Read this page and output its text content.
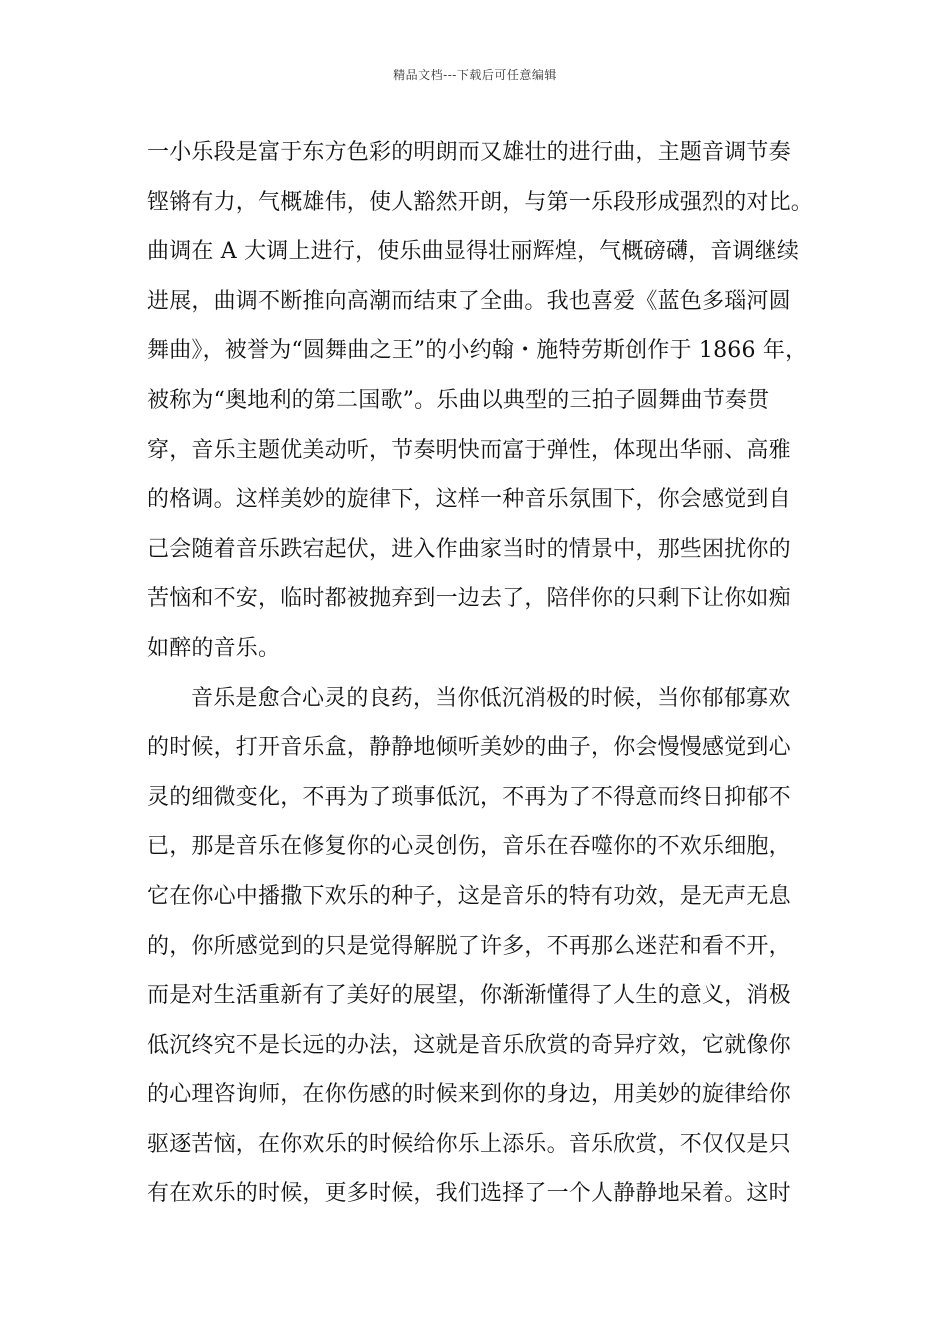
精品文档---下载后可任意编辑
一小乐段是富于东方色彩的明朗而又雄壮的进行曲，主题音调节奏
铿锵有力，气概雄伟，使人豁然开朗，与第一乐段形成强烈的对比。
曲调在 A 大调上进行，使乐曲显得壮丽辉煌，气概磅礴，音调继续
进展，曲调不断推向高潮而结束了全曲。我也喜爱《蓝色多瑙河圆
舞曲》，被誉为“圆舞曲之王”的小约翰・施特劳斯创作于 1866 年，
被称为“奥地利的第二国歌”。乐曲以典型的三拍子圆舞曲节奏贯
穿，音乐主题优美动听，节奏明快而富于弹性，体现出华丽、高雅
的格调。这样美妙的旋律下，这样一种音乐氛围下，你会感觉到自
己会随着音乐跌宕起伏，进入作曲家当时的情景中，那些困扰你的
苦恼和不安，临时都被抛弃到一边去了，陪伴你的只剩下让你如痴
如醉的音乐。
音乐是愈合心灵的良药，当你低沉消极的时候，当你郁郁寡欢
的时候，打开音乐盒，静静地倾听美妙的曲子，你会慢慢感觉到心
灵的细微变化，不再为了琐事低沉，不再为了不得意而终日抑郁不
已，那是音乐在修复你的心灵创伤，音乐在吞噬你的不欢乐细胞，
它在你心中播撒下欢乐的种子，这是音乐的特有功效，是无声无息
的，你所感觉到的只是觉得解脱了许多，不再那么迷茫和看不开，
而是对生活重新有了美好的展望，你渐渐懂得了人生的意义，消极
低沉终究不是长远的办法，这就是音乐欣赏的奇异疗效，它就像你
的心理咨询师，在你伤感的时候来到你的身边，用美妙的旋律给你
驱逐苦恼，在你欢乐的时候给你乐上添乐。音乐欣赏，不仅仅是只
有在欢乐的时候，更多时候，我们选择了一个人静静地呆着。这时
